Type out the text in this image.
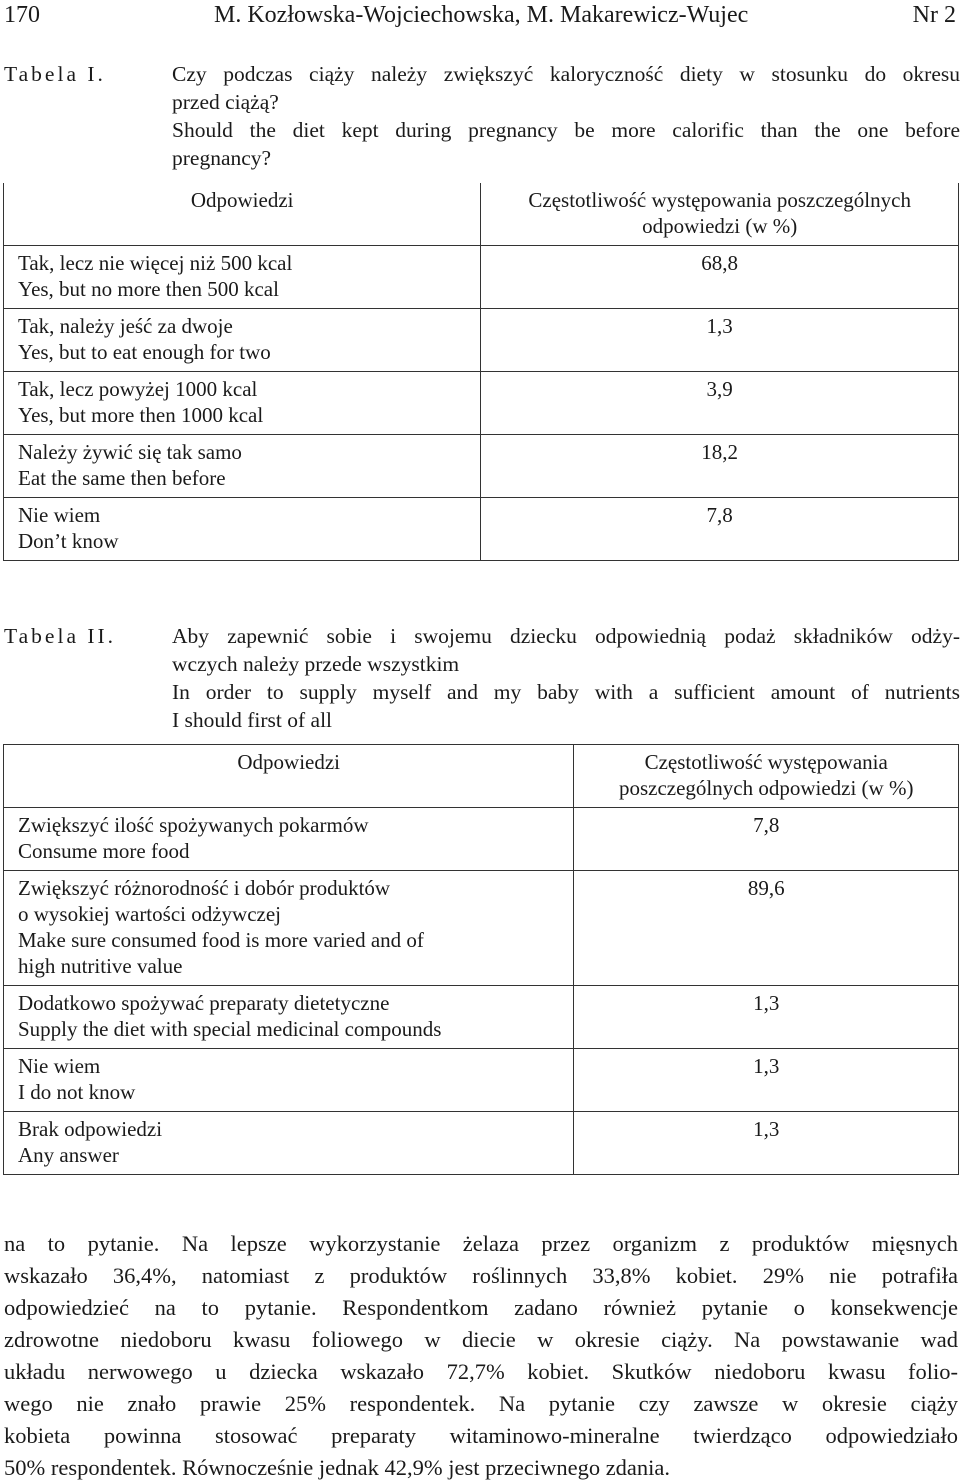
170	M. Kozłowska-Wojciechowska, M. Makarewicz-Wujec	Nr 2
Tabela I.	Czy podczas ciąży należy zwiększyć kaloryczność diety w stosunku do okresu
przed ciążą?
Should the diet kept during pregnancy be more calorific than the one before
pregnancy?
Odpowiedzi	Częstotliwość występowania poszczególnych
odpowiedzi (w %)

Tak, lecz nie więcej niż 500 kcal
Yes, but no more then 500 kcal	68,8

Tak, należy jeść za dwoje
Yes, but to eat enough for two	1,3

Tak, lecz powyżej 1000 kcal
Yes, but more then 1000 kcal	3,9

Należy żywić się tak samo
Eat the same then before	18,2

Nie wiem
Don’t know	7,8
Tabela II.	Aby zapewnić sobie i swojemu dziecku odpowiednią podaż składników odży-
wczych należy przede wszystkim
In order to supply myself and my baby with a sufficient amount of nutrients
I should first of all
Odpowiedzi	Częstotliwość występowania
poszczególnych odpowiedzi (w %)

Zwiększyć ilość spożywanych pokarmów
Consume more food	7,8

Zwiększyć różnorodność i dobór produktów
o wysokiej wartości odżywczej
Make sure consumed food is more varied and of
high nutritive value	89,6

Dodatkowo spożywać preparaty dietetyczne
Supply the diet with special medicinal compounds	1,3

Nie wiem
I do not know	1,3

Brak odpowiedzi
Any answer	1,3
na to pytanie. Na lepsze wykorzystanie żelaza przez organizm z produktów mięsnych
wskazało 36,4%, natomiast z produktów roślinnych 33,8% kobiet. 29% nie potrafiła
odpowiedzieć na to pytanie. Respondentkom zadano również pytanie o konsekwencje
zdrowotne niedoboru kwasu foliowego w diecie w okresie ciąży. Na powstawanie wad
układu nerwowego u dziecka wskazało 72,7% kobiet. Skutków niedoboru kwasu folio-
wego nie znało prawie 25% respondentek. Na pytanie czy zawsze w okresie ciąży
kobieta powinna stosować preparaty witaminowo-mineralne twierdząco odpowiedziało
50% respondentek. Równocześnie jednak 42,9% jest przeciwnego zdania.
